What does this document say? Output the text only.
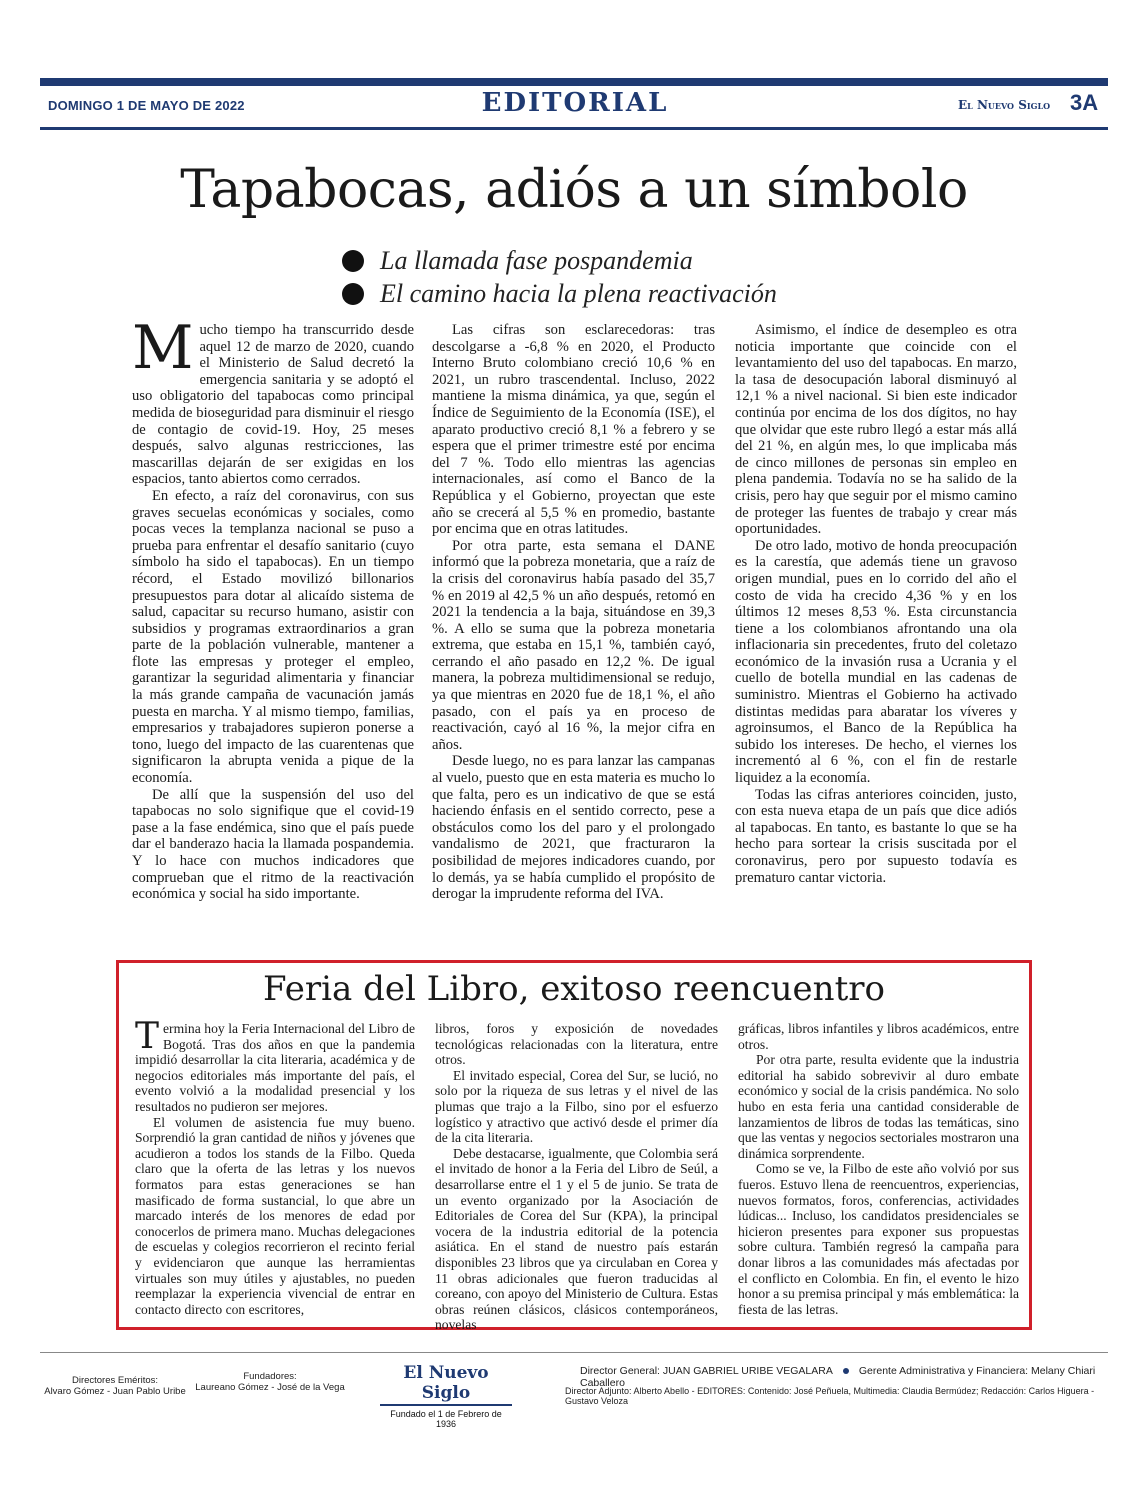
DOMINGO 1 DE MAYO DE 2022	EDITORIAL	El Nuevo Siglo 3A
Tapabocas, adiós a un símbolo
La llamada fase pospandemia
El camino hacia la plena reactivación

Mucho tiempo ha transcurrido desde aquel 12 de marzo de 2020, cuando el Ministerio de Salud decretó la emergencia sanitaria y se adoptó el uso obligatorio del tapabocas como principal medida de bioseguridad para disminuir el riesgo de contagio de covid-19. Hoy, 25 meses después, salvo algunas restricciones, las mascarillas dejarán de ser exigidas en los espacios, tanto abiertos como cerrados.

En efecto, a raíz del coronavirus, con sus graves secuelas económicas y sociales, como pocas veces la templanza nacional se puso a prueba para enfrentar el desafío sanitario (cuyo símbolo ha sido el tapabocas). En un tiempo récord, el Estado movilizó billonarios presupuestos para dotar al alicaído sistema de salud, capacitar su recurso humano, asistir con subsidios y programas extraordinarios a gran parte de la población vulnerable, mantener a flote las empresas y proteger el empleo, garantizar la seguridad alimentaria y financiar la más grande campaña de vacunación jamás puesta en marcha. Y al mismo tiempo, familias, empresarios y trabajadores supieron ponerse a tono, luego del impacto de las cuarentenas que significaron la abrupta venida a pique de la economía.

De allí que la suspensión del uso del tapabocas no solo signifique que el covid-19 pase a la fase endémica, sino que el país puede dar el banderazo hacia la llamada pospandemia. Y lo hace con muchos indicadores que comprueban que el ritmo de la reactivación económica y social ha sido importante.

Las cifras son esclarecedoras: tras descolgarse a -6,8 % en 2020, el Producto Interno Bruto colombiano creció 10,6 % en 2021, un rubro trascendental. Incluso, 2022 mantiene la misma dinámica, ya que, según el Índice de Seguimiento de la Economía (ISE), el aparato productivo creció 8,1 % a febrero y se espera que el primer trimestre esté por encima del 7 %. Todo ello mientras las agencias internacionales, así como el Banco de la República y el Gobierno, proyectan que este año se crecerá al 5,5 % en promedio, bastante por encima que en otras latitudes.

Por otra parte, esta semana el DANE informó que la pobreza monetaria, que a raíz de la crisis del coronavirus había pasado del 35,7 % en 2019 al 42,5 % un año después, retomó en 2021 la tendencia a la baja, situándose en 39,3 %. A ello se suma que la pobreza monetaria extrema, que estaba en 15,1 %, también cayó, cerrando el año pasado en 12,2 %. De igual manera, la pobreza multidimensional se redujo, ya que mientras en 2020 fue de 18,1 %, el año pasado, con el país ya en proceso de reactivación, cayó al 16 %, la mejor cifra en años.

Desde luego, no es para lanzar las campanas al vuelo, puesto que en esta materia es mucho lo que falta, pero es un indicativo de que se está haciendo énfasis en el sentido correcto, pese a obstáculos como los del paro y el prolongado vandalismo de 2021, que fracturaron la posibilidad de mejores indicadores cuando, por lo demás, ya se había cumplido el propósito de derogar la imprudente reforma del IVA.

Asimismo, el índice de desempleo es otra noticia importante que coincide con el levantamiento del uso del tapabocas. En marzo, la tasa de desocupación laboral disminuyó al 12,1 % a nivel nacional. Si bien este indicador continúa por encima de los dos dígitos, no hay que olvidar que este rubro llegó a estar más allá del 21 %, en algún mes, lo que implicaba más de cinco millones de personas sin empleo en plena pandemia. Todavía no se ha salido de la crisis, pero hay que seguir por el mismo camino de proteger las fuentes de trabajo y crear más oportunidades.

De otro lado, motivo de honda preocupación es la carestía, que además tiene un gravoso origen mundial, pues en lo corrido del año el costo de vida ha crecido 4,36 % y en los últimos 12 meses 8,53 %. Esta circunstancia tiene a los colombianos afrontando una ola inflacionaria sin precedentes, fruto del coletazo económico de la invasión rusa a Ucrania y el cuello de botella mundial en las cadenas de suministro. Mientras el Gobierno ha activado distintas medidas para abaratar los víveres y agroinsumos, el Banco de la República ha subido los intereses. De hecho, el viernes los incrementó al 6 %, con el fin de restarle liquidez a la economía.

Todas las cifras anteriores coinciden, justo, con esta nueva etapa de un país que dice adiós al tapabocas. En tanto, es bastante lo que se ha hecho para sortear la crisis suscitada por el coronavirus, pero por supuesto todavía es prematuro cantar victoria.

Feria del Libro, exitoso reencuentro

Termina hoy la Feria Internacional del Libro de Bogotá. Tras dos años en que la pandemia impidió desarrollar la cita literaria, académica y de negocios editoriales más importante del país, el evento volvió a la modalidad presencial y los resultados no pudieron ser mejores.

El volumen de asistencia fue muy bueno. Sorprendió la gran cantidad de niños y jóvenes que acudieron a todos los stands de la Filbo. Queda claro que la oferta de las letras y los nuevos formatos para estas generaciones se han masificado de forma sustancial, lo que abre un marcado interés de los menores de edad por conocerlos de primera mano. Muchas delegaciones de escuelas y colegios recorrieron el recinto ferial y evidenciaron que aunque las herramientas virtuales son muy útiles y ajustables, no pueden reemplazar la experiencia vivencial de entrar en contacto directo con escritores,

libros, foros y exposición de novedades tecnológicas relacionadas con la literatura, entre otros.

El invitado especial, Corea del Sur, se lució, no solo por la riqueza de sus letras y el nivel de las plumas que trajo a la Filbo, sino por el esfuerzo logístico y atractivo que activó desde el primer día de la cita literaria.

Debe destacarse, igualmente, que Colombia será el invitado de honor a la Feria del Libro de Seúl, a desarrollarse entre el 1 y el 5 de junio. Se trata de un evento organizado por la Asociación de Editoriales de Corea del Sur (KPA), la principal vocera de la industria editorial de la potencia asiática. En el stand de nuestro país estarán disponibles 23 libros que ya circulaban en Corea y 11 obras adicionales que fueron traducidas al coreano, con apoyo del Ministerio de Cultura. Estas obras reúnen clásicos, clásicos contemporáneos, novelas

gráficas, libros infantiles y libros académicos, entre otros.

Por otra parte, resulta evidente que la industria editorial ha sabido sobrevivir al duro embate económico y social de la crisis pandémica. No solo hubo en esta feria una cantidad considerable de lanzamientos de libros de todas las temáticas, sino que las ventas y negocios sectoriales mostraron una dinámica sorprendente.

Como se ve, la Filbo de este año volvió por sus fueros. Estuvo llena de reencuentros, experiencias, nuevos formatos, foros, conferencias, actividades lúdicas... Incluso, los candidatos presidenciales se hicieron presentes para exponer sus propuestas sobre cultura. También regresó la campaña para donar libros a las comunidades más afectadas por el conflicto en Colombia. En fin, el evento le hizo honor a su premisa principal y más emblemática: la fiesta de las letras.

Directores Eméritos:
Alvaro Gómez - Juan Pablo Uribe
Fundadores:
Laureano Gómez - José de la Vega
El Nuevo Siglo
Fundado el 1 de Febrero de 1936
Director General: JUAN GABRIEL URIBE VEGALARA Gerente Administrativa y Financiera: Melany Chiari Caballero
Director Adjunto: Alberto Abello - EDITORES: Contenido: José Peñuela, Multimedia: Claudia Bermúdez; Redacción: Carlos Higuera - Gustavo Veloza
